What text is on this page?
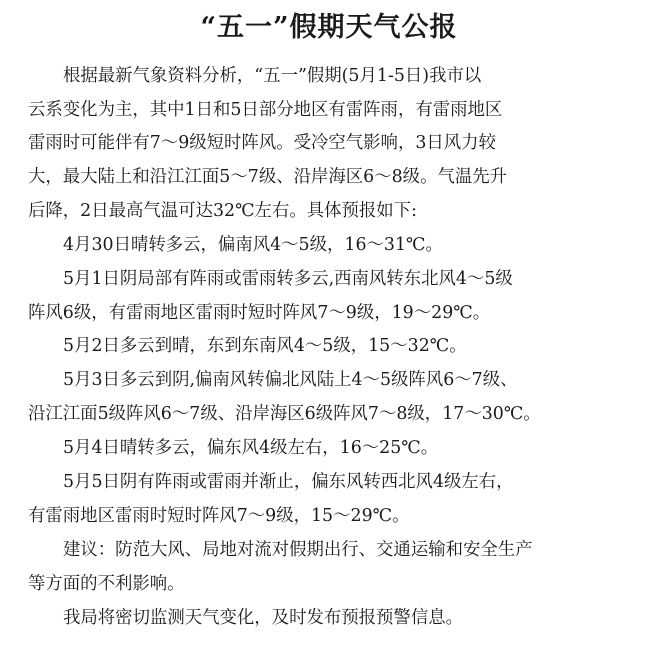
“五一”假期天气公报
根据最新气象资料分析，“五一”假期(5月1-5日)我市以
云系变化为主，其中1日和5日部分地区有雷阵雨，有雷雨地区
雷雨时可能伴有7～9级短时阵风。受冷空气影响，3日风力较
大，最大陆上和沿江江面5～7级、沿岸海区6～8级。气温先升
后降，2日最高气温可达32℃左右。具体预报如下:
4月30日晴转多云，偏南风4～5级，16～31℃。
5月1日阴局部有阵雨或雷雨转多云,西南风转东北风4～5级
阵风6级，有雷雨地区雷雨时短时阵风7～9级，19～29℃。
5月2日多云到晴，东到东南风4～5级，15～32℃。
5月3日多云到阴,偏南风转偏北风陆上4～5级阵风6～7级、
沿江江面5级阵风6～7级、沿岸海区6级阵风7～8级，17～30℃。
5月4日晴转多云，偏东风4级左右，16～25℃。
5月5日阴有阵雨或雷雨并渐止，偏东风转西北风4级左右，
有雷雨地区雷雨时短时阵风7～9级，15～29℃。
建议：防范大风、局地对流对假期出行、交通运输和安全生产
等方面的不利影响。
我局将密切监测天气变化，及时发布预报预警信息。
